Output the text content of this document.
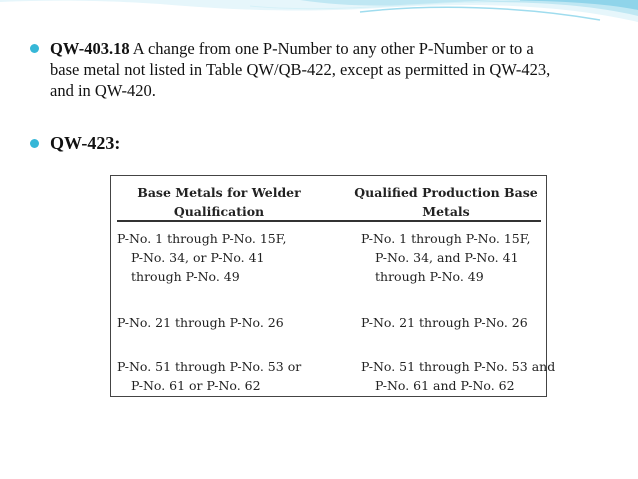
QW-403.18 A change from one P-Number to any other P-Number or to a
base metal not listed in Table QW/QB-422, except as permitted in QW-423,
and in QW-420.
QW-423:
Base Metals for Welder
Qualification
Qualified Production Base
Metals
P-No. 1 through P-No. 15F,
P-No. 34, or P-No. 41
through P-No. 49
P-No. 1 through P-No. 15F,
P-No. 34, and P-No. 41
through P-No. 49
P-No. 21 through P-No. 26	P-No. 21 through P-No. 26
P-No. 51 through P-No. 53 or
P-No. 61 or P-No. 62
P-No. 51 through P-No. 53 and
P-No. 61 and P-No. 62
